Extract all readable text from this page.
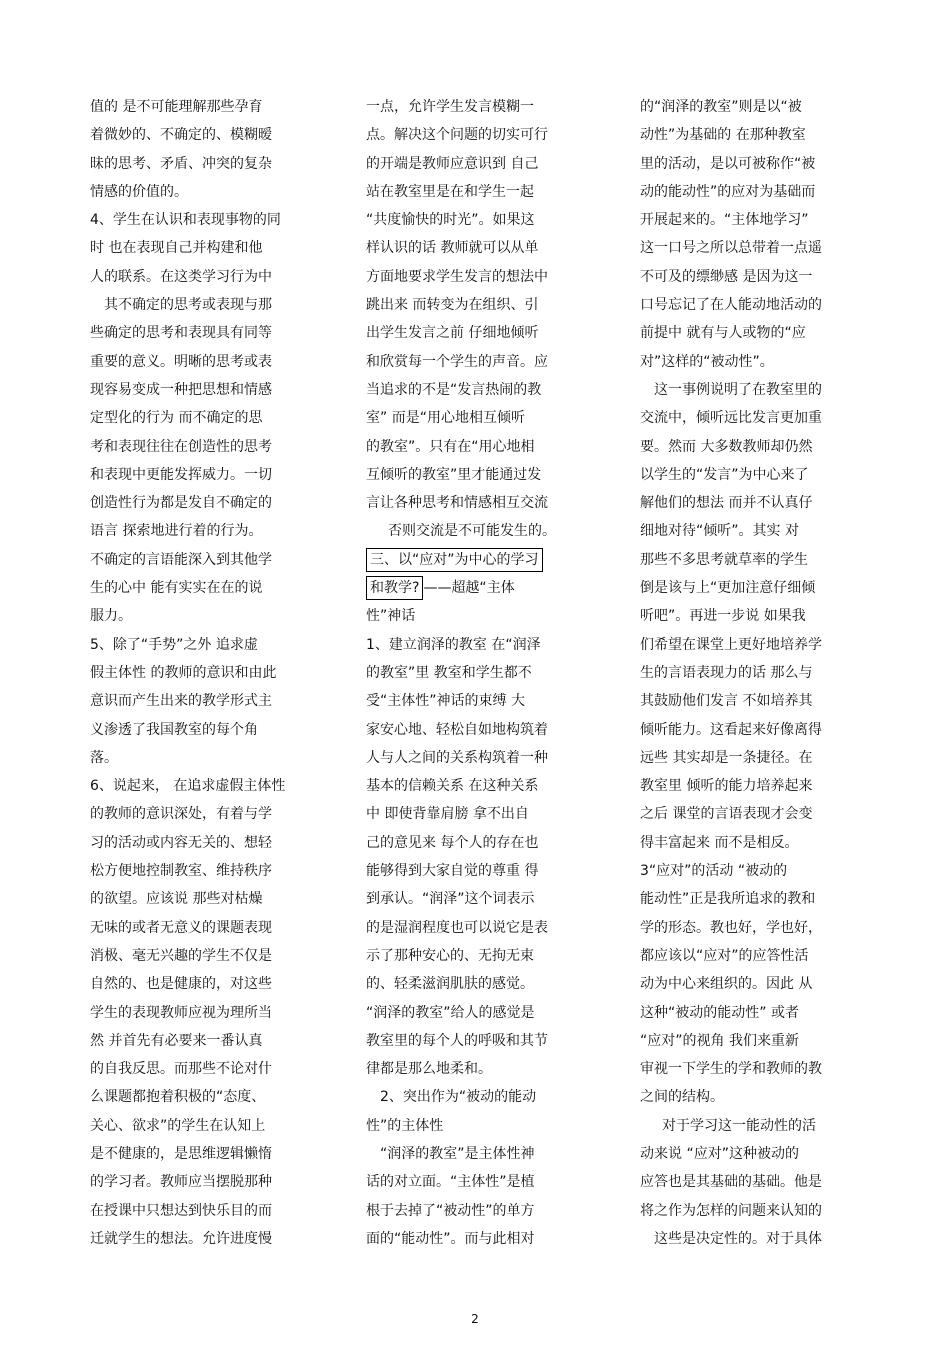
值的 是不可能理解那些孕育
着微妙的、不确定的、模糊暧
昧的思考、矛盾、冲突的复杂
情感的价值的。
4、学生在认识和表现事物的同
时 也在表现自己并构建和他
人的联系。在这类学习行为中
其不确定的思考或表现与那
些确定的思考和表现具有同等
重要的意义。明晰的思考或表
现容易变成一种把思想和情感
定型化的行为 而不确定的思
考和表现往往在创造性的思考
和表现中更能发挥威力。一切
创造性行为都是发自不确定的
语言 探索地进行着的行为。
不确定的言语能深入到其他学
生的心中 能有实实在在的说
服力。
5、除了“手势”之外 追求虚
假主体性 的教师的意识和由此
意识而产生出来的教学形式主
义渗透了我国教室的每个角
落。
6、说起来， 在追求虚假主体性
的教师的意识深处，有着与学
习的活动或内容无关的、想轻
松方便地控制教室、维持秩序
的欲望。应该说 那些对枯燥
无味的或者无意义的课题表现
消极、毫无兴趣的学生不仅是
自然的、也是健康的，对这些
学生的表现教师应视为理所当
然 并首先有必要来一番认真
的自我反思。而那些不论对什
么课题都抱着积极的“态度、
关心、欲求”的学生在认知上
是不健康的，是思维逻辑懒惰
的学习者。教师应当摆脱那种
在授课中只想达到快乐目的而
迁就学生的想法。允许进度慢
一点，允许学生发言模糊一
点。解决这个问题的切实可行
的开端是教师应意识到 自己
站在教室里是在和学生一起
“共度愉快的时光”。如果这
样认识的话 教师就可以从单
方面地要求学生发言的想法中
跳出来 而转变为在组织、引
出学生发言之前 仔细地倾听
和欣赏每一个学生的声音。应
当追求的不是“发言热闹的教
室” 而是“用心地相互倾听
的教室”。只有在“用心地相
互倾听的教室”里才能通过发
言让各种思考和情感相互交流
否则交流是不可能发生的。
三、以“应对”为中心的学习
和教学? ——超越“主体
性”神话
1、建立润泽的教室 在“润泽
的教室”里 教室和学生都不
受“主体性”神话的束缚 大
家安心地、轻松自如地构筑着
人与人之间的关系构筑着一种
基本的信赖关系 在这种关系
中 即使背靠肩膀 拿不出自
己的意见来 每个人的存在也
能够得到大家自觉的尊重 得
到承认。“润泽”这个词表示
的是湿润程度也可以说它是表
示了那种安心的、无拘无束
的、轻柔滋润肌肤的感觉。
“润泽的教室”给人的感觉是
教室里的每个人的呼吸和其节
律都是那么地柔和。
2、突出作为“被动的能动
性”的主体性
“润泽的教室”是主体性神
话的对立面。“主体性”是植
根于去掉了“被动性”的单方
面的“能动性”。而与此相对
的“润泽的教室”则是以“被
动性”为基础的 在那种教室
里的活动，是以可被称作“被
动的能动性”的应对为基础而
开展起来的。“主体地学习”
这一口号之所以总带着一点遥
不可及的缥缈感 是因为这一
口号忘记了在人能动地活动的
前提中 就有与人或物的“应
对”这样的“被动性”。
这一事例说明了在教室里的
交流中，倾听远比发言更加重
要。然而 大多数教师却仍然
以学生的“发言”为中心来了
解他们的想法 而并不认真仔
细地对待“倾听”。其实 对
那些不多思考就草率的学生
倒是该与上“更加注意仔细倾
听吧”。再进一步说 如果我
们希望在课堂上更好地培养学
生的言语表现力的话 那么与
其鼓励他们发言 不如培养其
倾听能力。这看起来好像离得
远些 其实却是一条捷径。在
教室里 倾听的能力培养起来
之后 课堂的言语表现才会变
得丰富起来 而不是相反。
3“应对”的活动 “被动的
能动性”正是我所追求的教和
学的形态。教也好，学也好，
都应该以“应对”的应答性活
动为中心来组织的。因此 从
这种“被动的能动性” 或者
“应对”的视角 我们来重新
审视一下学生的学和教师的教
之间的结构。
对于学习这一能动性的活
动来说 “应对”这种被动的
应答也是其基础的基础。他是
将之作为怎样的问题来认知的
这些是决定性的。对于具体
2
